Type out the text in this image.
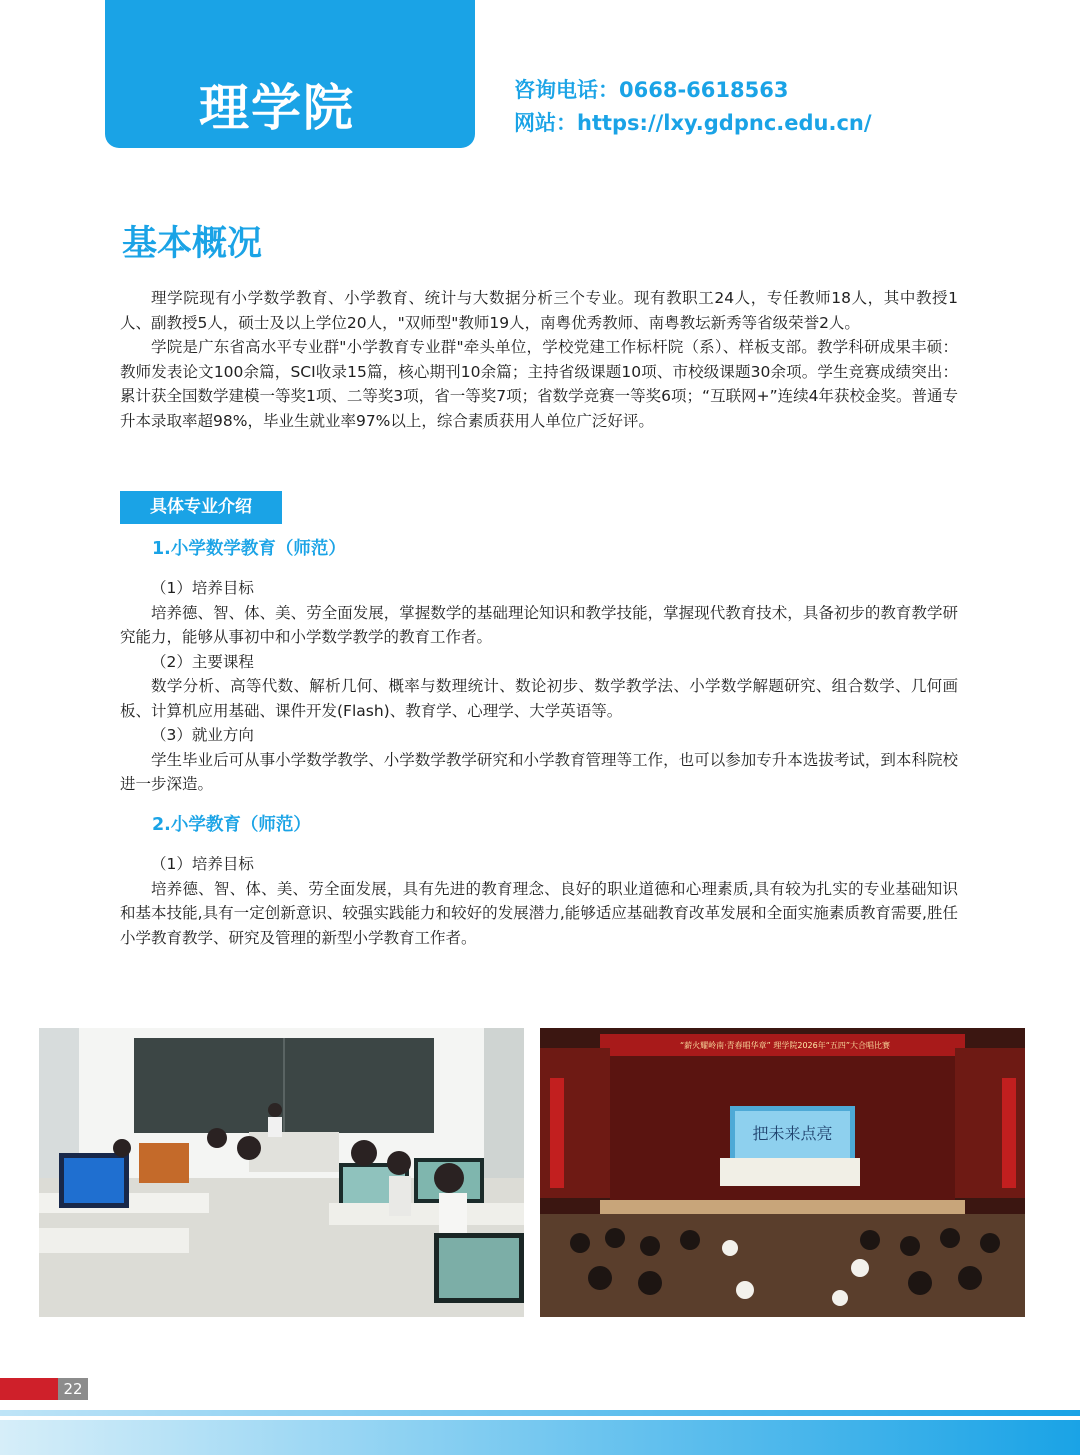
理学院	咨询电话：0668-6618563
网站：https://lxy.gdpnc.edu.cn/
基本概况

理学院现有小学数学教育、小学教育、统计与大数据分析三个专业。现有教职工24人，专任教师18人，其中教授1人、副教授5人，硕士及以上学位20人，"双师型"教师19人，南粤优秀教师、南粤教坛新秀等省级荣誉2人。

学院是广东省高水平专业群"小学教育专业群"牵头单位，学校党建工作标杆院（系）、样板支部。教学科研成果丰硕：教师发表论文100余篇，SCI收录15篇，核心期刊10余篇；主持省级课题10项、市校级课题30余项。学生竞赛成绩突出：累计获全国数学建模一等奖1项、二等奖3项，省一等奖7项；省数学竞赛一等奖6项；“互联网+”连续4年获校金奖。普通专升本录取率超98%，毕业生就业率97%以上，综合素质获用人单位广泛好评。

具体专业介绍
1.小学数学教育（师范）

（1）培养目标

培养德、智、体、美、劳全面发展，掌握数学的基础理论知识和教学技能，掌握现代教育技术，具备初步的教育教学研究能力，能够从事初中和小学数学教学的教育工作者。

（2）主要课程

数学分析、高等代数、解析几何、概率与数理统计、数论初步、数学教学法、小学数学解题研究、组合数学、几何画板、计算机应用基础、课件开发(Flash)、教育学、心理学、大学英语等。

（3）就业方向

学生毕业后可从事小学数学教学、小学数学教学研究和小学教育管理等工作，也可以参加专升本选拔考试，到本科院校进一步深造。

2.小学教育（师范）

（1）培养目标

培养德、智、体、美、劳全面发展，具有先进的教育理念、良好的职业道德和心理素质,具有较为扎实的专业基础知识和基本技能,具有一定创新意识、较强实践能力和较好的发展潜力,能够适应基础教育改革发展和全面实施素质教育需要,胜任小学教育教学、研究及管理的新型小学教育工作者。

“薪火耀岭南·青春唱华章” 理学院2026年“五四”大合唱比赛
把未来点亮
22
